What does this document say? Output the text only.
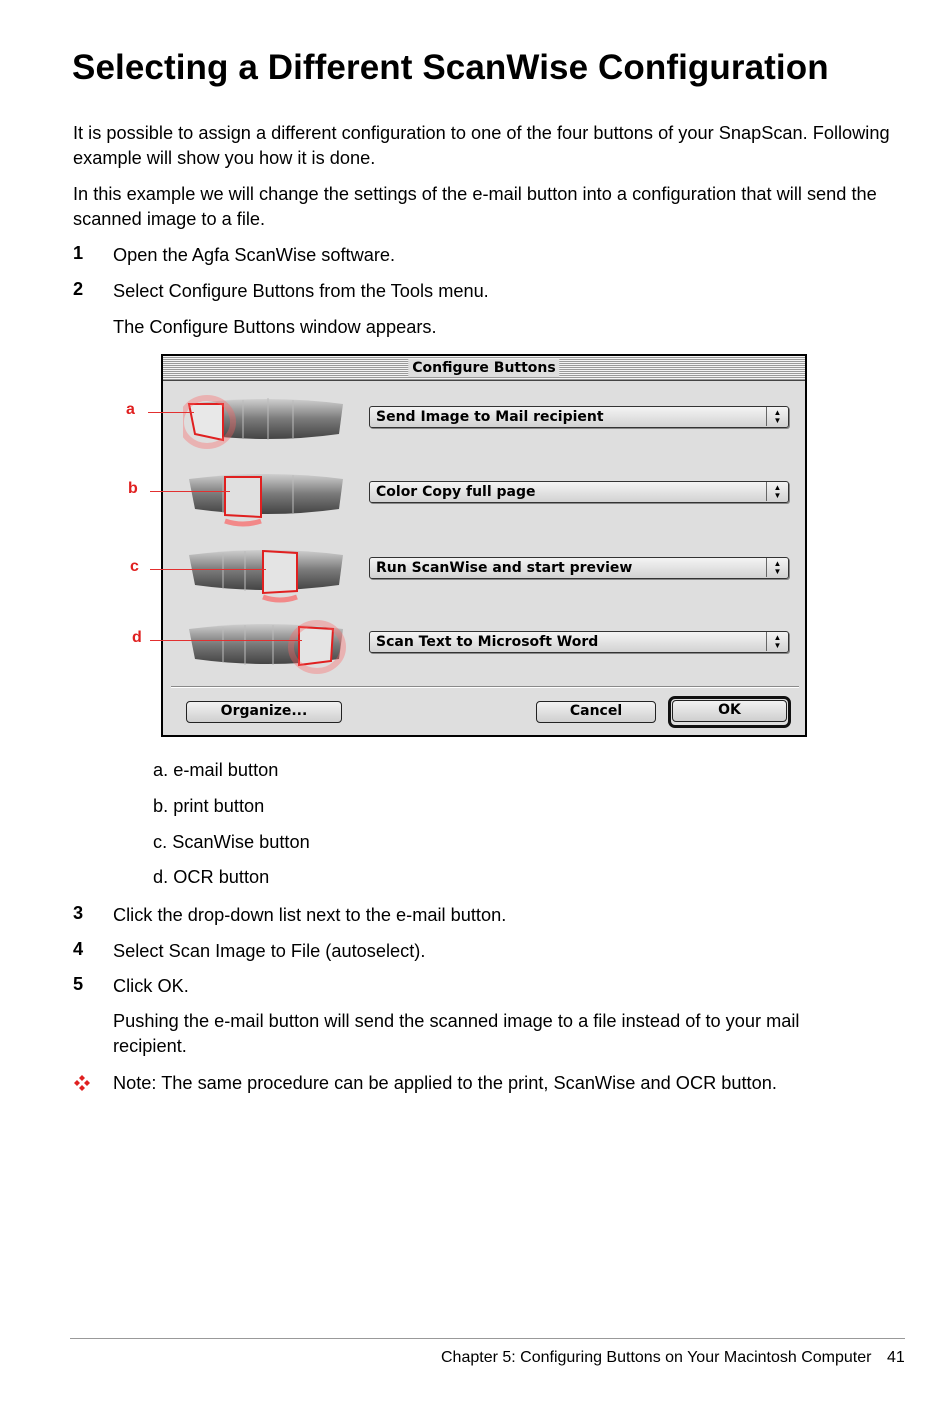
Selecting a Different ScanWise Configuration

It is possible to assign a different configuration to one of the four buttons of your SnapScan. Following example will show you how it is done.

In this example we will change the settings of the e-mail button into a configuration that will send the scanned image to a file.

1 Open the Agfa ScanWise software.
2 Select Configure Buttons from the Tools menu.
The Configure Buttons window appears.
Configure Buttons
Send Image to Mail recipient	▲
▼
Color Copy full page	▲
▼
Run ScanWise and start preview	▲
▼
Scan Text to Microsoft Word	▲
▼
Organize...	Cancel	OK
a
b
c
d
a. e-mail button
b. print button
c. ScanWise button
d. OCR button
3 Click the drop-down list next to the e-mail button.
4 Select Scan Image to File (autoselect).
5 Click OK.
Pushing the e-mail button will send the scanned image to a file instead of to your mail recipient.
Note: The same procedure can be applied to the print, ScanWise and OCR button.
Chapter 5: Configuring Buttons on Your Macintosh Computer 41
